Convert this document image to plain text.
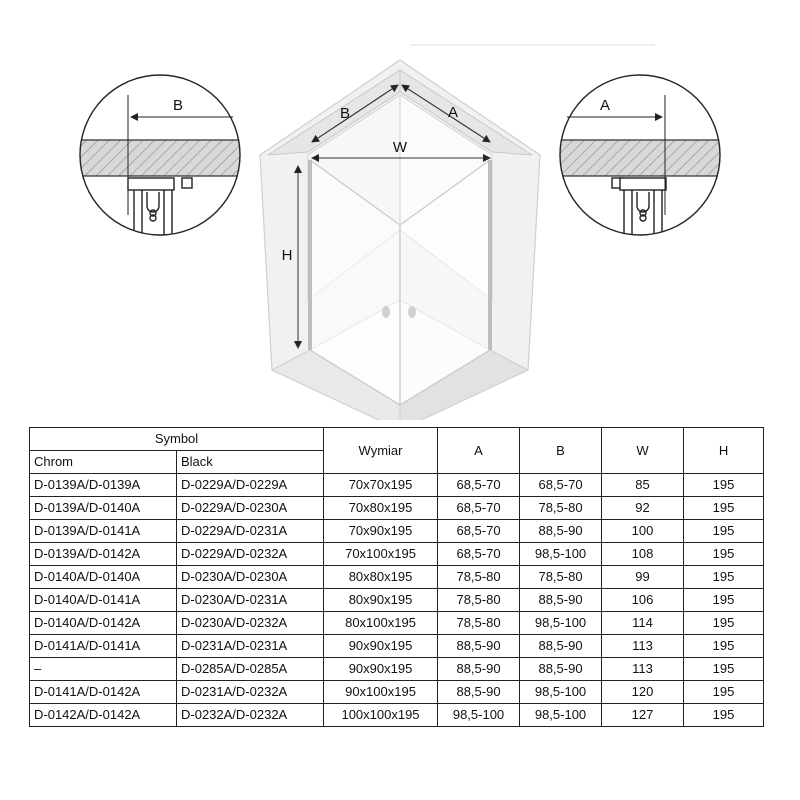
B	A
B	A
W
H
Symbol		Wymiar	A	B	W	H
Chrom	Black					
D-0139A/D-0139A	D-0229A/D-0229A	70x70x195	68,5-70	68,5-70	85	195
D-0139A/D-0140A	D-0229A/D-0230A	70x80x195	68,5-70	78,5-80	92	195
D-0139A/D-0141A	D-0229A/D-0231A	70x90x195	68,5-70	88,5-90	100	195
D-0139A/D-0142A	D-0229A/D-0232A	70x100x195	68,5-70	98,5-100	108	195
D-0140A/D-0140A	D-0230A/D-0230A	80x80x195	78,5-80	78,5-80	99	195
D-0140A/D-0141A	D-0230A/D-0231A	80x90x195	78,5-80	88,5-90	106	195
D-0140A/D-0142A	D-0230A/D-0232A	80x100x195	78,5-80	98,5-100	114	195
D-0141A/D-0141A	D-0231A/D-0231A	90x90x195	88,5-90	88,5-90	113	195
–	D-0285A/D-0285A	90x90x195	88,5-90	88,5-90	113	195
D-0141A/D-0142A	D-0231A/D-0232A	90x100x195	88,5-90	98,5-100	120	195
D-0142A/D-0142A	D-0232A/D-0232A	100x100x195	98,5-100	98,5-100	127	195
